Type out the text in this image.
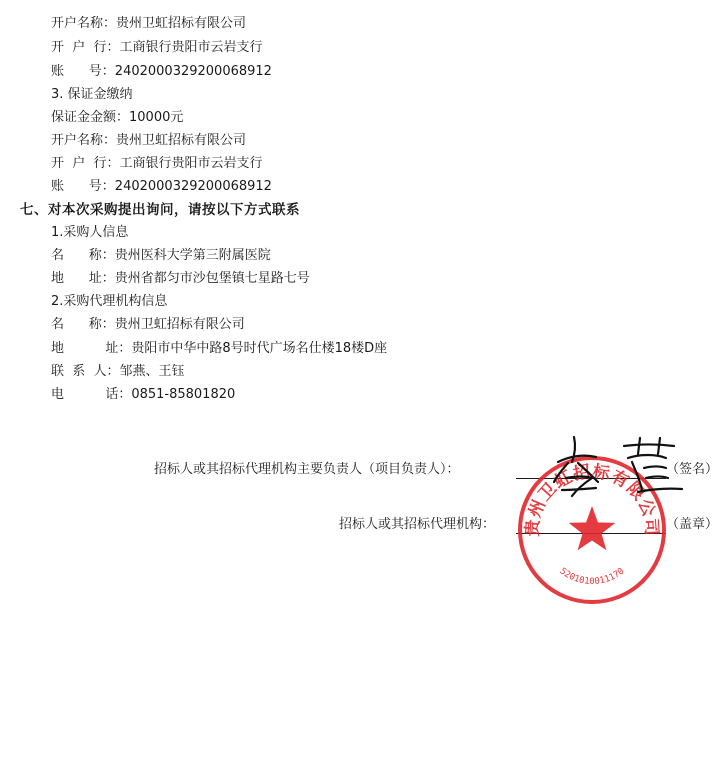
开户名称：贵州卫虹招标有限公司
开  户  行：工商银行贵阳市云岩支行
账      号：2402000329200068912
3. 保证金缴纳
保证金金额：10000元
开户名称：贵州卫虹招标有限公司
开  户  行：工商银行贵阳市云岩支行
账      号：2402000329200068912
七、对本次采购提出询问，请按以下方式联系
1.采购人信息
名      称：贵州医科大学第三附属医院
地      址：贵州省都匀市沙包堡镇七星路七号
2.采购代理机构信息
名      称：贵州卫虹招标有限公司
地          址：贵阳市中华中路8号时代广场名仕楼18楼D座
联  系  人：邹燕、王钰
电          话：0851-85801820
招标人或其招标代理机构主要负责人（项目负责人）：	（签名）
招标人或其招标代理机构：	（盖章）
贵州卫虹招标有限公司
5201010011170
